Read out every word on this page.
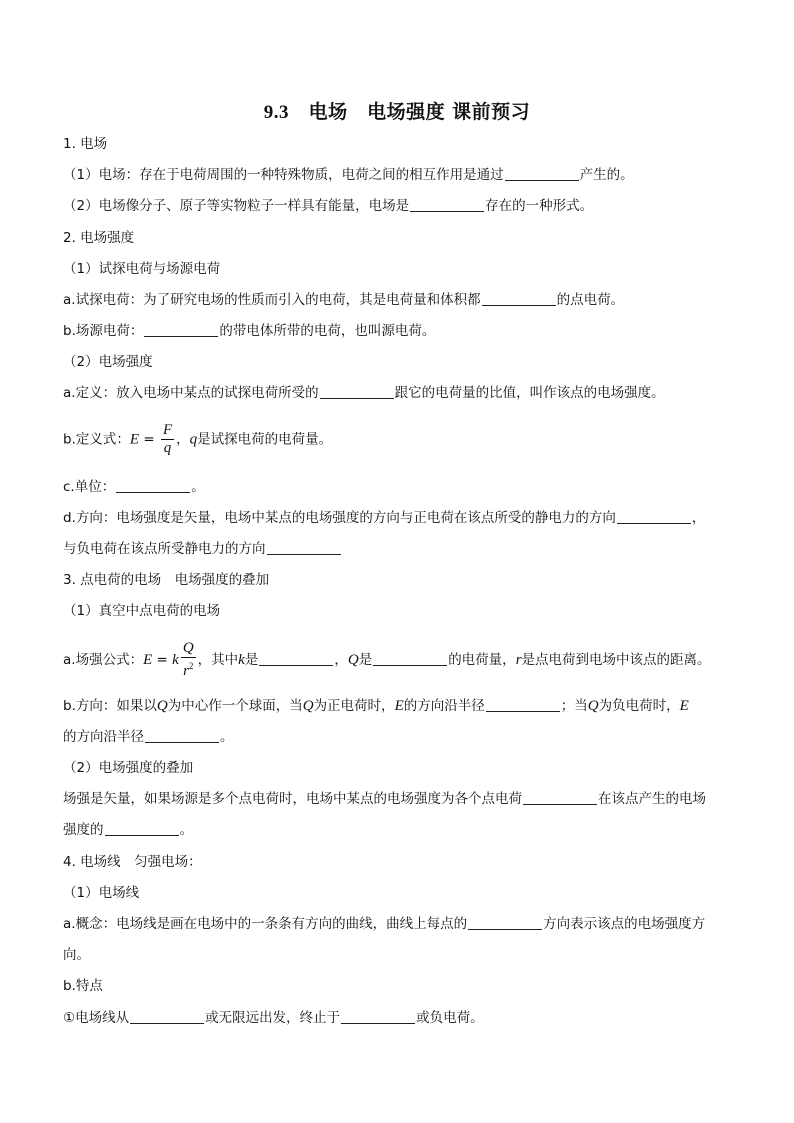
9.3　 电场　电场强度 课前预习
1. 电场
（1）电场：存在于电荷周围的一种特殊物质，电荷之间的相互作用是通过	产生的。
（2）电场像分子、原子等实物粒子一样具有能量，电场是	存在的一种形式。
2. 电场强度
（1）试探电荷与场源电荷
a.试探电荷：为了研究电场的性质而引入的电荷，其是电荷量和体积都	的点电荷。
b.场源电荷：	的带电体所带的电荷，也叫源电荷。
（2）电场强度
a.定义：放入电场中某点的试探电荷所受的	跟它的电荷量的比值，叫作该点的电场强度。
b.定义式：$E = \frac{F}{q}$ ，q是试探电荷的电荷量。
c.单位：	。
d.方向：电场强度是矢量，电场中某点的电场强度的方向与正电荷在该点所受的静电力的方向	，
与负电荷在该点所受静电力的方向
3. 点电荷的电场　电场强度的叠加
（1）真空中点电荷的电场
a.场强公式：E = k $\frac{Q}{r^2}$ ，其中k是	，Q是	的电荷量，r是点电荷到电场中该点的距离。
b.方向：如果以Q为中心作一个球面，当Q为正电荷时，E的方向沿半径	；当Q为负电荷时，E
的方向沿半径	。
（2）电场强度的叠加
场强是矢量，如果场源是多个点电荷时，电场中某点的电场强度为各个点电荷	在该点产生的电场
强度的	。
4. 电场线　匀强电场：
（1）电场线
a.概念：电场线是画在电场中的一条条有方向的曲线，曲线上每点的	方向表示该点的电场强度方
向。
b.特点
①电场线从	或无限远出发，终止于	或负电荷。
